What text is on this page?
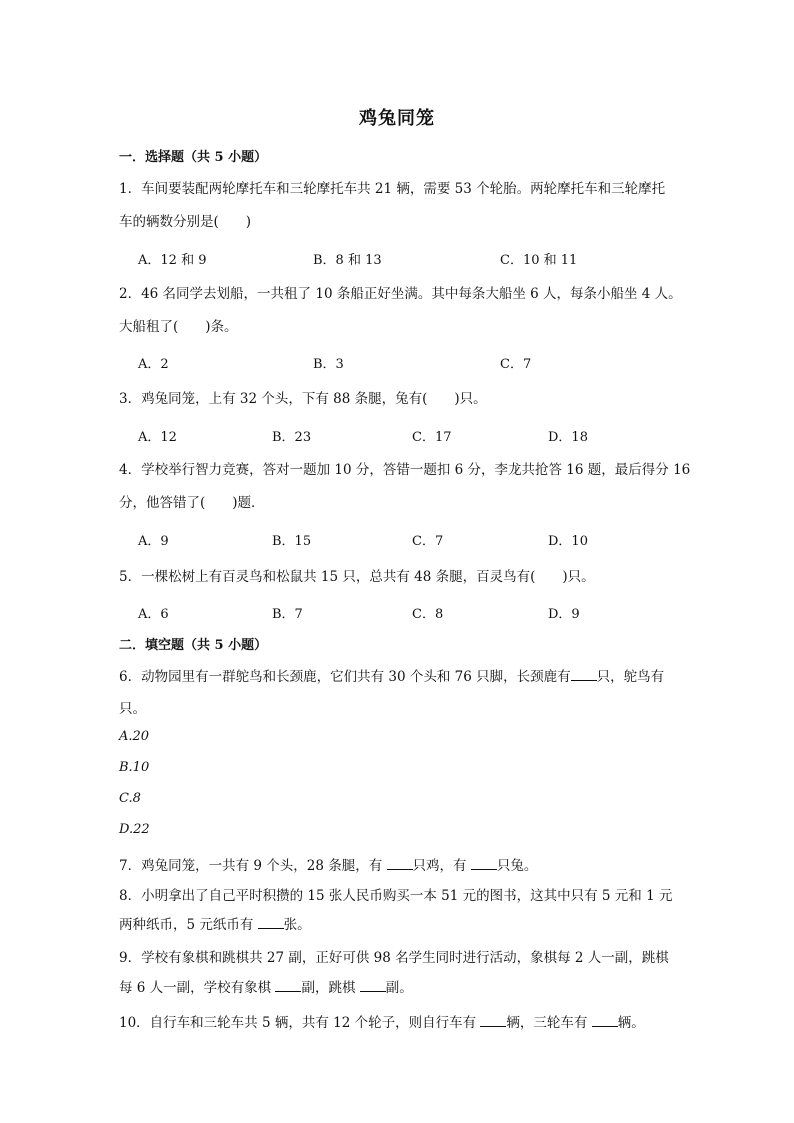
鸡兔同笼
一．选择题（共 5 小题）
1．车间要装配两轮摩托车和三轮摩托车共 21 辆，需要 53 个轮胎。两轮摩托车和三轮摩托
车的辆数分别是(　　)
A．12 和 9	B．8 和 13	C．10 和 11
2．46 名同学去划船，一共租了 10 条船正好坐满。其中每条大船坐 6 人，每条小船坐 4 人。
大船租了(　　)条。
A．2	B．3	C．7
3．鸡兔同笼，上有 32 个头，下有 88 条腿，兔有(　　)只。
A．12	B．23	C．17	D．18
4．学校举行智力竞赛，答对一题加 10 分，答错一题扣 6 分，李龙共抢答 16 题，最后得分 16
分，他答错了(　　)题．
A．9	B．15	C．7	D．10
5．一棵松树上有百灵鸟和松鼠共 15 只，总共有 48 条腿，百灵鸟有(　　)只。
A．6	B．7	C．8	D．9
二．填空题（共 5 小题）
6．动物园里有一群鸵鸟和长颈鹿，它们共有 30 个头和 76 只脚，长颈鹿有 只，鸵鸟有
只。
A.20
B.10
C.8
D.22
7．鸡兔同笼，一共有 9 个头，28 条腿，有 只鸡，有 只兔。
8．小明拿出了自己平时积攒的 15 张人民币购买一本 51 元的图书，这其中只有 5 元和 1 元
两种纸币，5 元纸币有 张。
9．学校有象棋和跳棋共 27 副，正好可供 98 名学生同时进行活动，象棋每 2 人一副，跳棋
每 6 人一副，学校有象棋 副，跳棋 副。
10．自行车和三轮车共 5 辆，共有 12 个轮子，则自行车有 辆，三轮车有 辆。
